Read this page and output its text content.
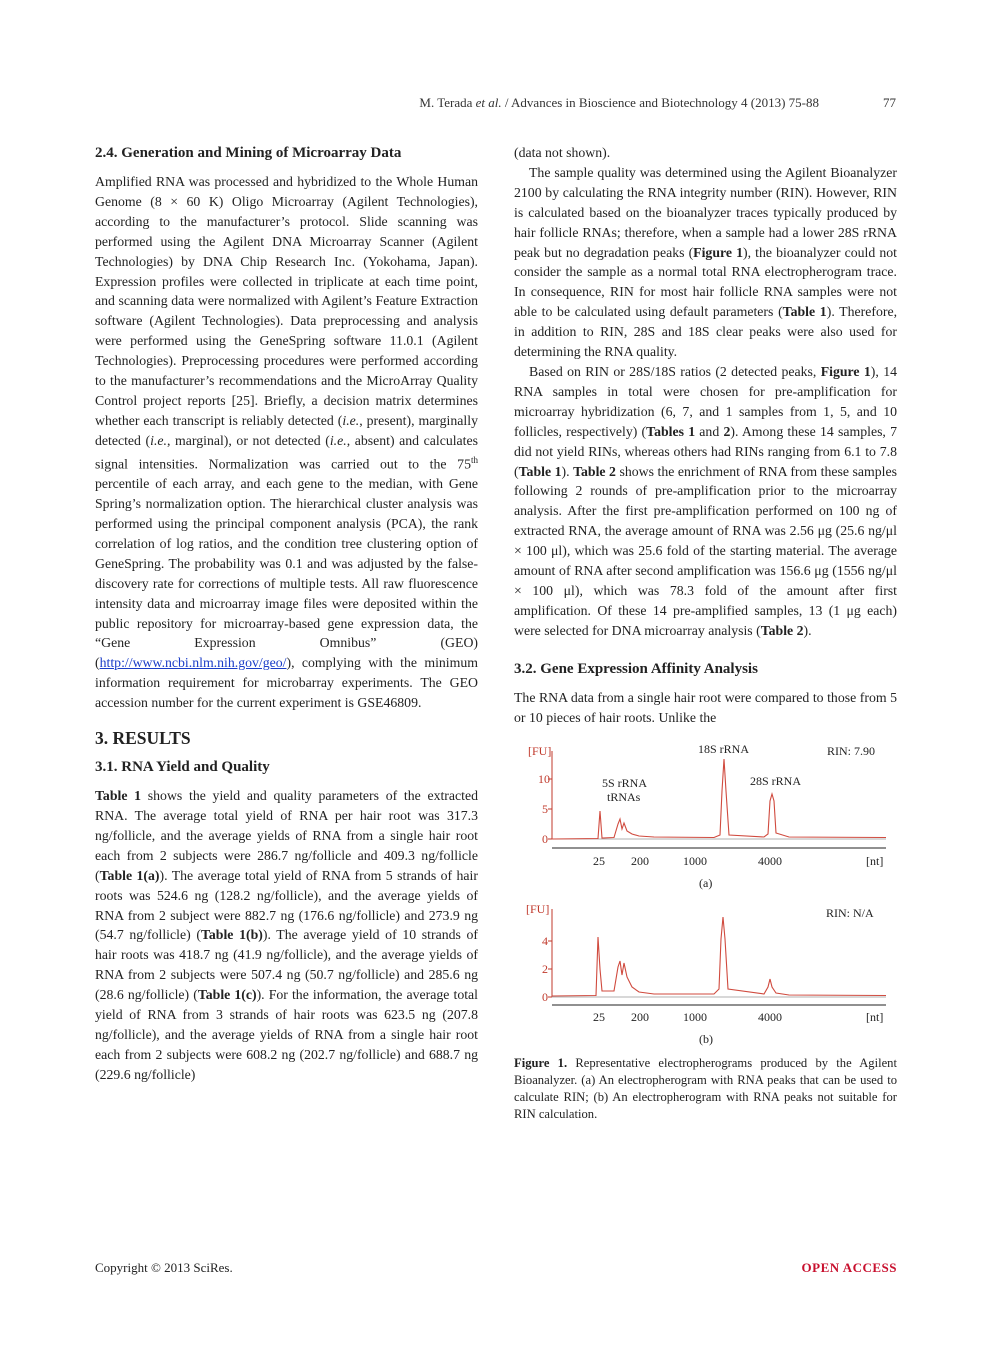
M. Terada et al. / Advances in Bioscience and Biotechnology 4 (2013) 75-88	77
2.4. Generation and Mining of Microarray Data

Amplified RNA was processed and hybridized to the Whole Human Genome (8 × 60 K) Oligo Microarray (Agilent Technologies), according to the manufacturer’s protocol. Slide scanning was performed using the Agilent DNA Microarray Scanner (Agilent Technologies) by DNA Chip Research Inc. (Yokohama, Japan). Expression profiles were collected in triplicate at each time point, and scanning data were normalized with Agilent’s Feature Extraction software (Agilent Technologies). Data preprocessing and analysis were performed using the GeneSpring software 11.0.1 (Agilent Technologies). Preprocessing procedures were performed according to the manufacturer’s recommendations and the MicroArray Quality Control project reports [25]. Briefly, a decision matrix determines whether each transcript is reliably detected (i.e., present), marginally detected (i.e., marginal), or not detected (i.e., absent) and calculates signal intensities. Normalization was carried out to the 75th percentile of each array, and each gene to the median, with Gene Spring’s normalization option. The hierarchical cluster analysis was performed using the principal component analysis (PCA), the rank correlation of log ratios, and the condition tree clustering option of GeneSpring. The probability was 0.1 and was adjusted by the false-discovery rate for corrections of multiple tests. All raw fluorescence intensity data and microarray image files were deposited within the public repository for microarray-based gene expression data, the “Gene Expression Omnibus” (GEO) (http://www.ncbi.nlm.nih.gov/geo/), complying with the minimum information requirement for microbarray experiments. The GEO accession number for the current experiment is GSE46809.

3. RESULTS
3.1. RNA Yield and Quality

Table 1 shows the yield and quality parameters of the extracted RNA. The average total yield of RNA per hair root was 317.3 ng/follicle, and the average yields of RNA from a single hair root each from 2 subjects were 286.7 ng/follicle and 409.3 ng/follicle (Table 1(a)). The average total yield of RNA from 5 strands of hair roots was 524.6 ng (128.2 ng/follicle), and the average yields of RNA from 2 subject were 882.7 ng (176.6 ng/follicle) and 273.9 ng (54.7 ng/follicle) (Table 1(b)). The average yield of 10 strands of hair roots was 418.7 ng (41.9 ng/follicle), and the average yields of RNA from 2 subjects were 507.4 ng (50.7 ng/follicle) and 285.6 ng (28.6 ng/follicle) (Table 1(c)). For the information, the average total yield of RNA from 3 strands of hair roots was 623.5 ng (207.8 ng/follicle), and the average yields of RNA from a single hair root each from 2 subjects were 608.2 ng (202.7 ng/follicle) and 688.7 ng (229.6 ng/follicle)

(data not shown).

The sample quality was determined using the Agilent Bioanalyzer 2100 by calculating the RNA integrity number (RIN). However, RIN is calculated based on the bioanalyzer traces typically produced by hair follicle RNAs; therefore, when a sample had a lower 28S rRNA peak but no degradation peaks (Figure 1), the bioanalyzer could not consider the sample as a normal total RNA electropherogram trace. In consequence, RIN for most hair follicle RNA samples were not able to be calculated using default parameters (Table 1). Therefore, in addition to RIN, 28S and 18S clear peaks were also used for determining the RNA quality.

Based on RIN or 28S/18S ratios (2 detected peaks, Figure 1), 14 RNA samples in total were chosen for pre-amplification for microarray hybridization (6, 7, and 1 samples from 1, 5, and 10 follicles, respectively) (Tables 1 and 2). Among these 14 samples, 7 did not yield RINs, whereas others had RINs ranging from 6.1 to 7.8 (Table 1). Table 2 shows the enrichment of RNA from these samples following 2 rounds of pre-amplification prior to the microarray analysis. After the first pre-amplification performed on 100 ng of extracted RNA, the average amount of RNA was 2.56 μg (25.6 ng/μl × 100 μl), which was 25.6 fold of the starting material. The average amount of RNA after second amplification was 156.6 μg (1556 ng/μl × 100 μl), which was 78.3 fold of the amount after first amplification. Of these 14 pre-amplified samples, 13 (1 μg each) were selected for DNA microarray analysis (Table 2).

3.2. Gene Expression Affinity Analysis

The RNA data from a single hair root were compared to those from 5 or 10 pieces of hair roots. Unlike the

[FU]
10
5
0
18S rRNA
28S rRNA
5S rRNA
tRNAs
RIN: 7.90
25 200	1000	4000	[nt]
(a)
[FU]
4
2
0
RIN: N/A
25 200	1000	4000	[nt]
(b)

Figure 1. Representative electropherograms produced by the Agilent Bioanalyzer. (a) An electropherogram with RNA peaks that can be used to calculate RIN; (b) An electropherogram with RNA peaks not suitable for RIN calculation.

Copyright © 2013 SciRes.	OPEN ACCESS
